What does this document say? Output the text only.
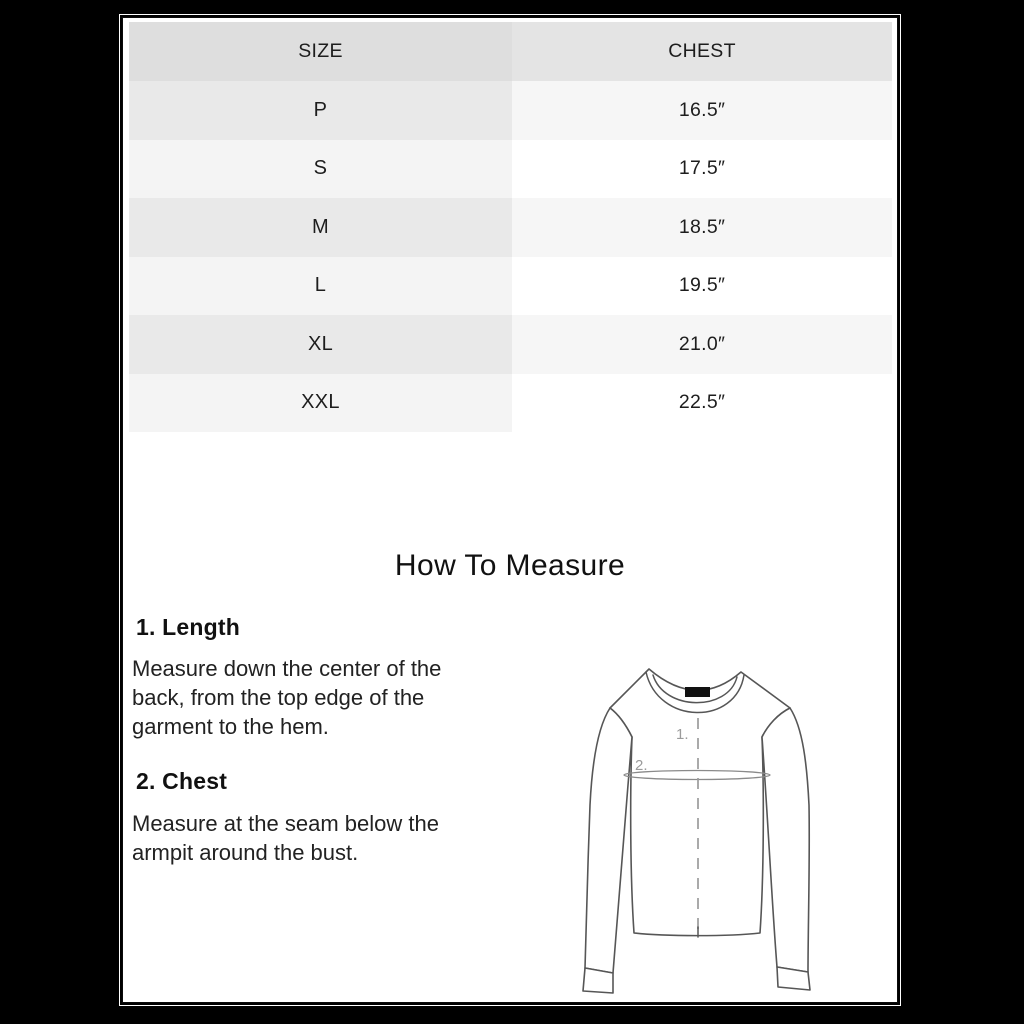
SIZE	CHEST
P	16.5″
S	17.5″
M	18.5″
L	19.5″
XL	21.0″
XXL	22.5″
How To Measure
1. Length

Measure down the center of the back, from the top edge of the garment to the hem.

2. Chest

Measure at the seam below the armpit around the bust.

1.
2.
